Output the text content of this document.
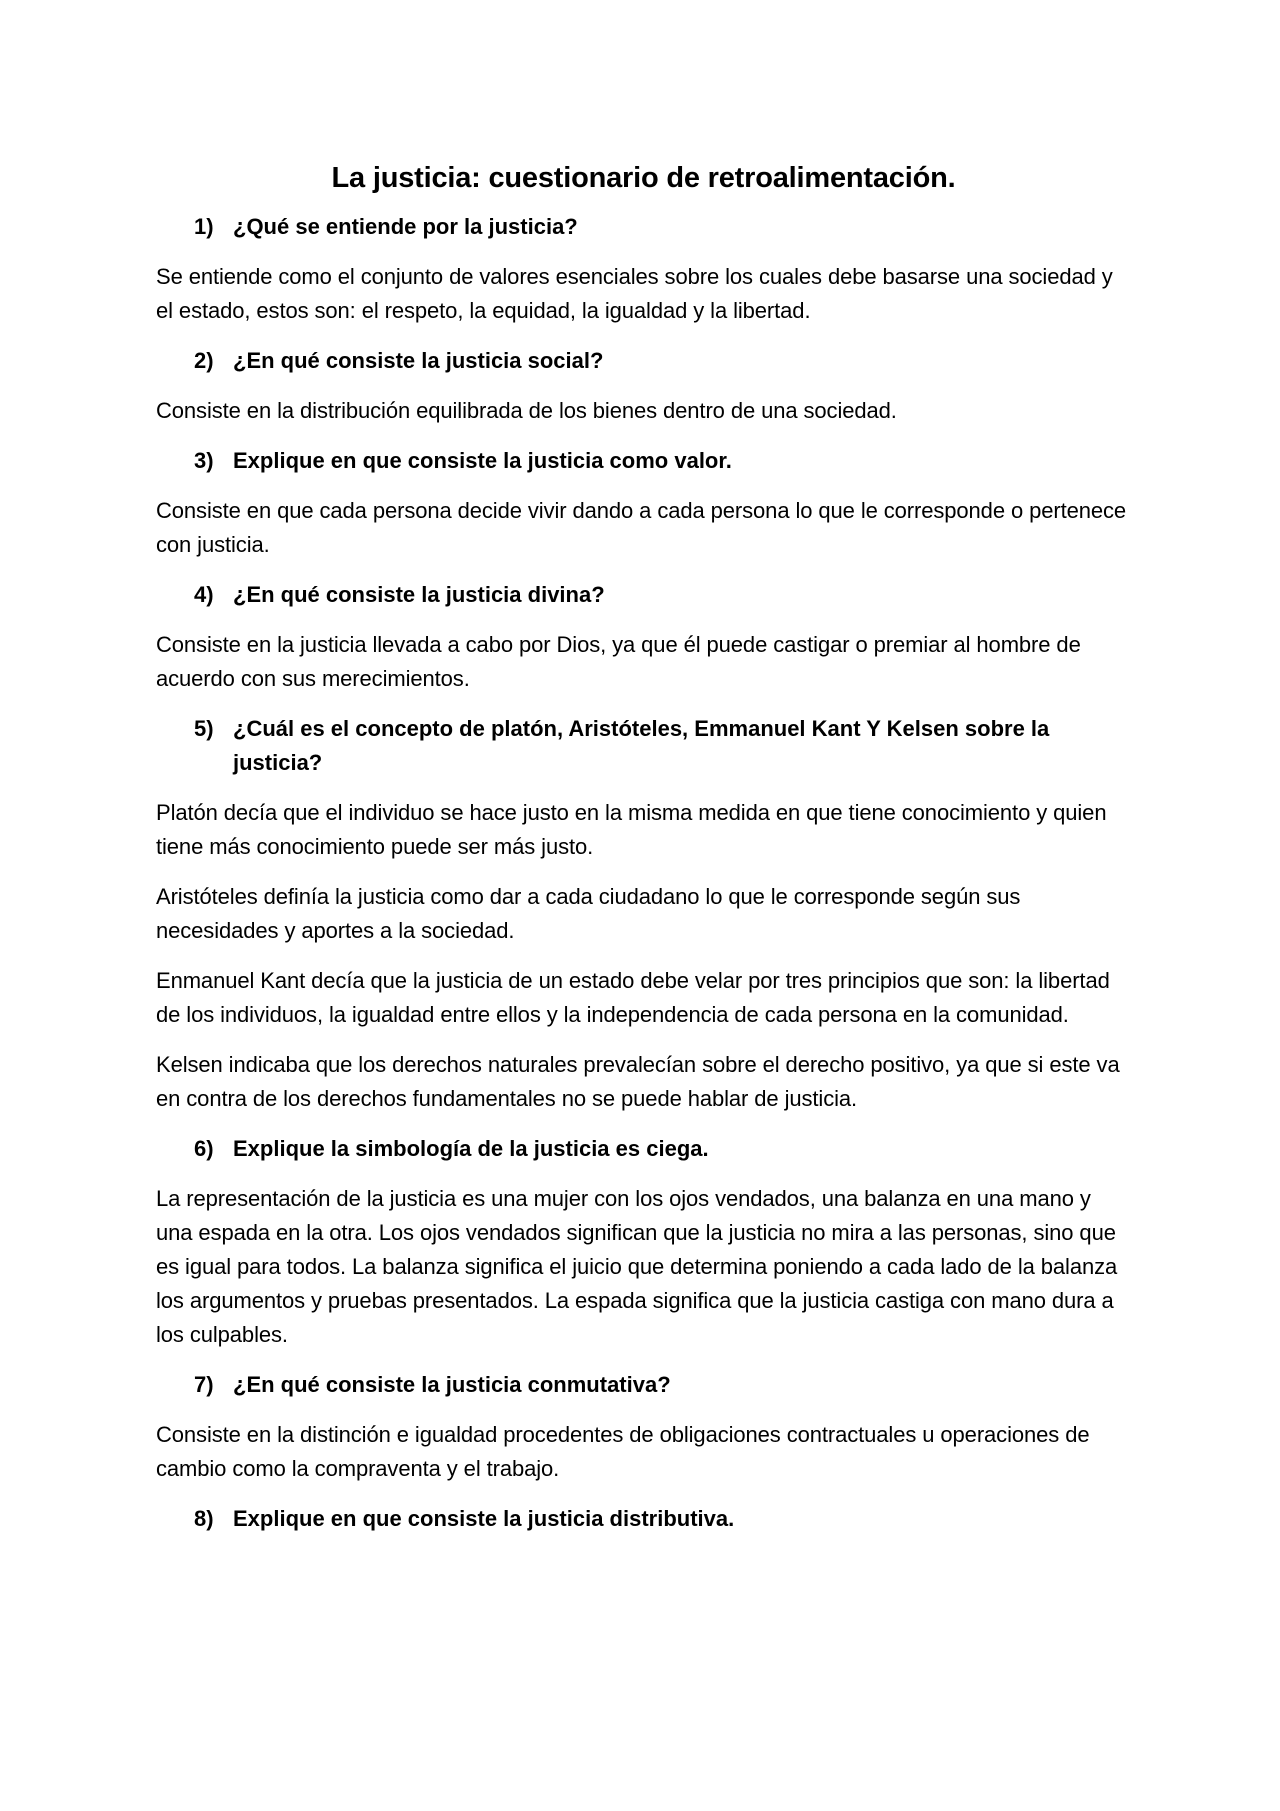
La justicia: cuestionario de retroalimentación.
1) ¿Qué se entiende por la justicia?

Se entiende como el conjunto de valores esenciales sobre los cuales debe basarse una sociedad y el estado, estos son: el respeto, la equidad, la igualdad y la libertad.

2) ¿En qué consiste la justicia social?

Consiste en la distribución equilibrada de los bienes dentro de una sociedad.

3) Explique en que consiste la justicia como valor.

Consiste en que cada persona decide vivir dando a cada persona lo que le corresponde o pertenece con justicia.

4) ¿En qué consiste la justicia divina?

Consiste en la justicia llevada a cabo por Dios, ya que él puede castigar o premiar al hombre de acuerdo con sus merecimientos.

5) ¿Cuál es el concepto de platón, Aristóteles, Emmanuel Kant Y Kelsen sobre la justicia?

Platón decía que el individuo se hace justo en la misma medida en que tiene conocimiento y quien tiene más conocimiento puede ser más justo.

Aristóteles definía la justicia como dar a cada ciudadano lo que le corresponde según sus necesidades y aportes a la sociedad.

Enmanuel Kant decía que la justicia de un estado debe velar por tres principios que son: la libertad de los individuos, la igualdad entre ellos y la independencia de cada persona en la comunidad.

Kelsen indicaba que los derechos naturales prevalecían sobre el derecho positivo, ya que si este va en contra de los derechos fundamentales no se puede hablar de justicia.

6) Explique la simbología de la justicia es ciega.

La representación de la justicia es una mujer con los ojos vendados, una balanza en una mano y una espada en la otra. Los ojos vendados significan que la justicia no mira a las personas, sino que es igual para todos. La balanza significa el juicio que determina poniendo a cada lado de la balanza los argumentos y pruebas presentados. La espada significa que la justicia castiga con mano dura a los culpables.

7) ¿En qué consiste la justicia conmutativa?

Consiste en la distinción e igualdad procedentes de obligaciones contractuales u operaciones de cambio como la compraventa y el trabajo.

8) Explique en que consiste la justicia distributiva.
